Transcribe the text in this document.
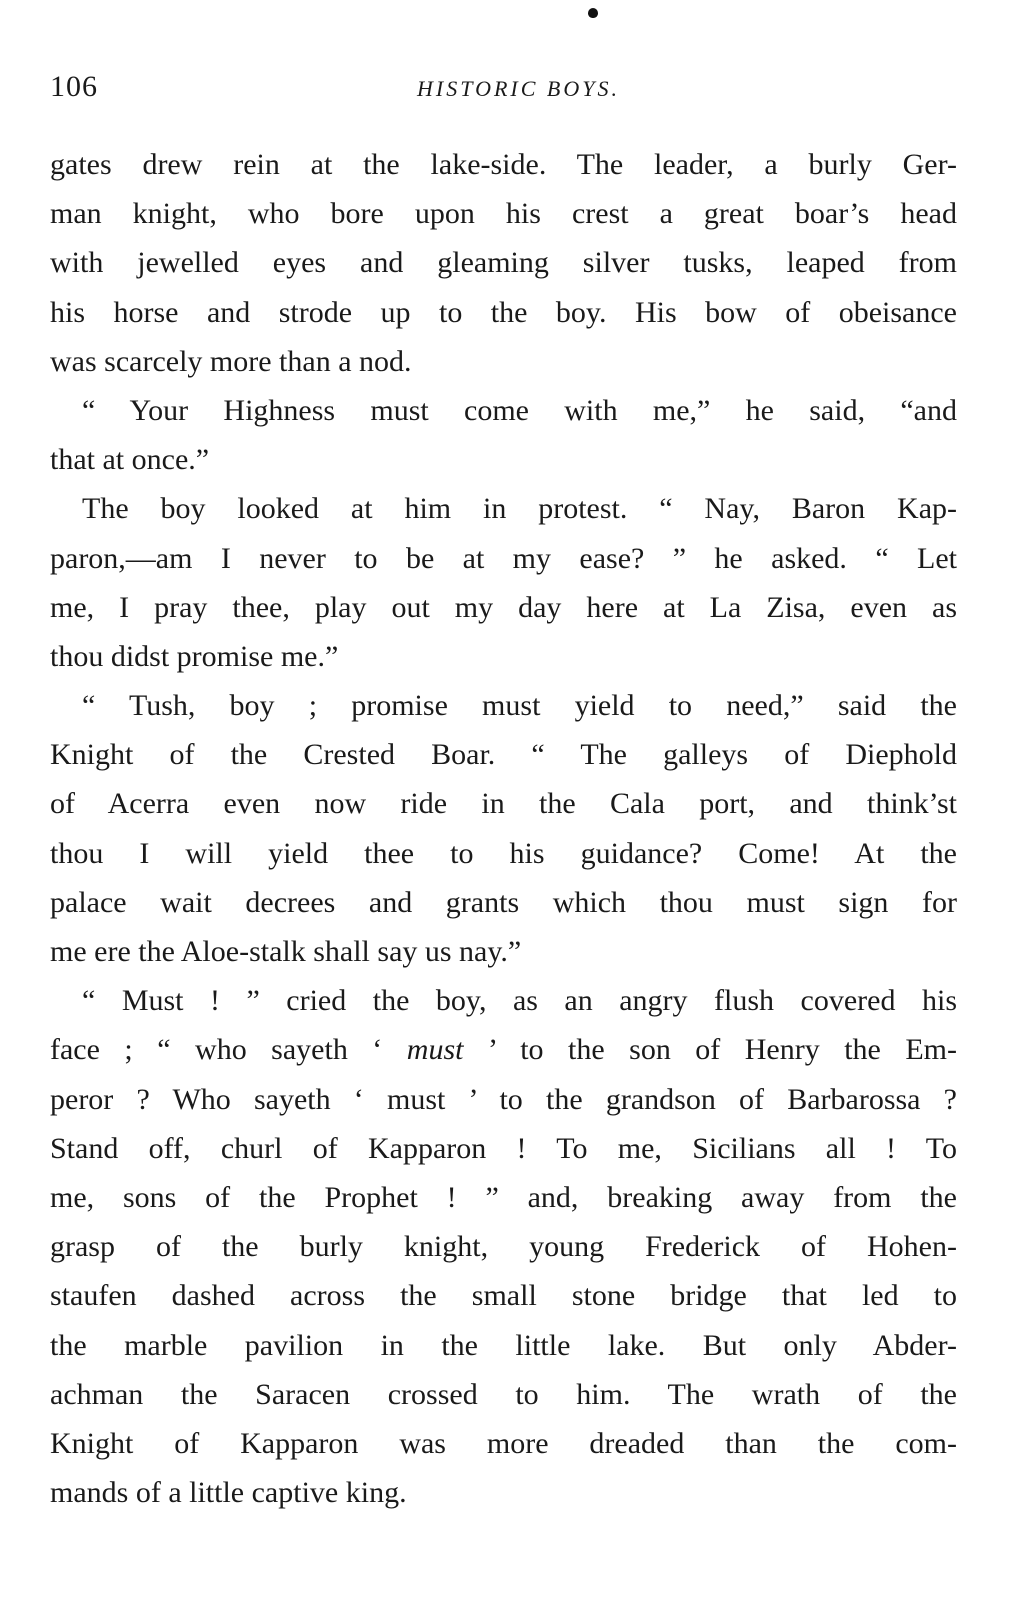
106	HISTORIC BOYS.
gates drew rein at the lake-side. The leader, a burly Ger-
man knight, who bore upon his crest a great boar’s head
with jewelled eyes and gleaming silver tusks, leaped from
his horse and strode up to the boy. His bow of obeisance
was scarcely more than a nod.
“ Your Highness must come with me,” he said, “and
that at once.”
The boy looked at him in protest. “ Nay, Baron Kap-
paron,—am I never to be at my ease? ” he asked. “ Let
me, I pray thee, play out my day here at La Zisa, even as
thou didst promise me.”
“ Tush, boy ; promise must yield to need,” said the
Knight of the Crested Boar. “ The galleys of Diephold
of Acerra even now ride in the Cala port, and think’st
thou I will yield thee to his guidance? Come! At the
palace wait decrees and grants which thou must sign for
me ere the Aloe-stalk shall say us nay.”
“ Must ! ” cried the boy, as an angry flush covered his
face ; “ who sayeth ‘ must ’ to the son of Henry the Em-
peror ? Who sayeth ‘ must ’ to the grandson of Barbarossa ?
Stand off, churl of Kapparon ! To me, Sicilians all ! To
me, sons of the Prophet ! ” and, breaking away from the
grasp of the burly knight, young Frederick of Hohen-
staufen dashed across the small stone bridge that led to
the marble pavilion in the little lake. But only Abder-
achman the Saracen crossed to him. The wrath of the
Knight of Kapparon was more dreaded than the com-
mands of a little captive king.
